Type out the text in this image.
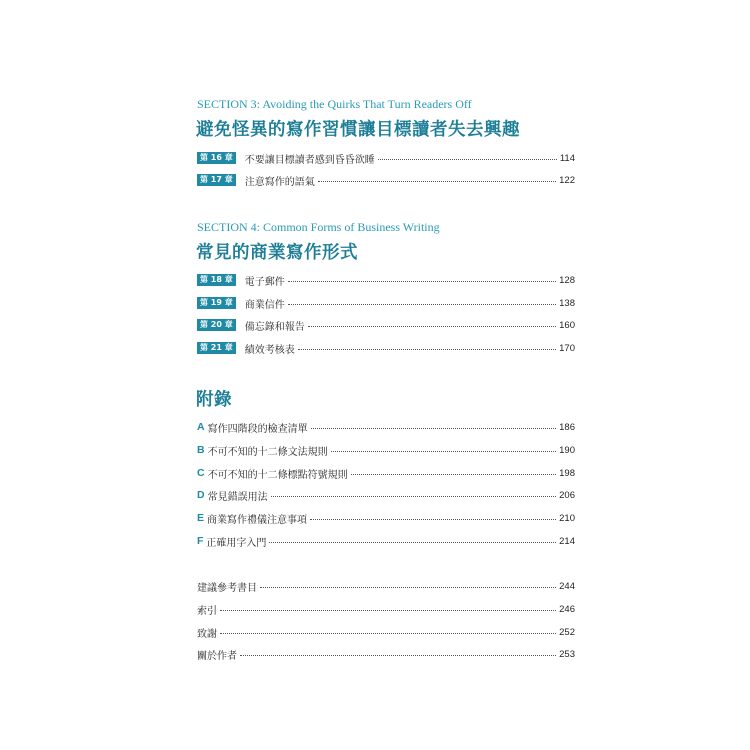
SECTION 3: Avoiding the Quirks That Turn Readers Off
避免怪異的寫作習慣讓目標讀者失去興趣
第 16 章	不要讓目標讀者感到昏昏欲睡	114
第 17 章	注意寫作的語氣	122
SECTION 4: Common Forms of Business Writing
常見的商業寫作形式
第 18 章	電子郵件	128
第 19 章	商業信件	138
第 20 章	備忘錄和報告	160
第 21 章	績效考核表	170
附錄
A 寫作四階段的檢查清單	186
B 不可不知的十二條文法規則	190
C 不可不知的十二條標點符號規則	198
D 常見錯誤用法	206
E 商業寫作禮儀注意事項	210
F 正確用字入門	214
建議參考書目	244
索引	246
致謝	252
關於作者	253
